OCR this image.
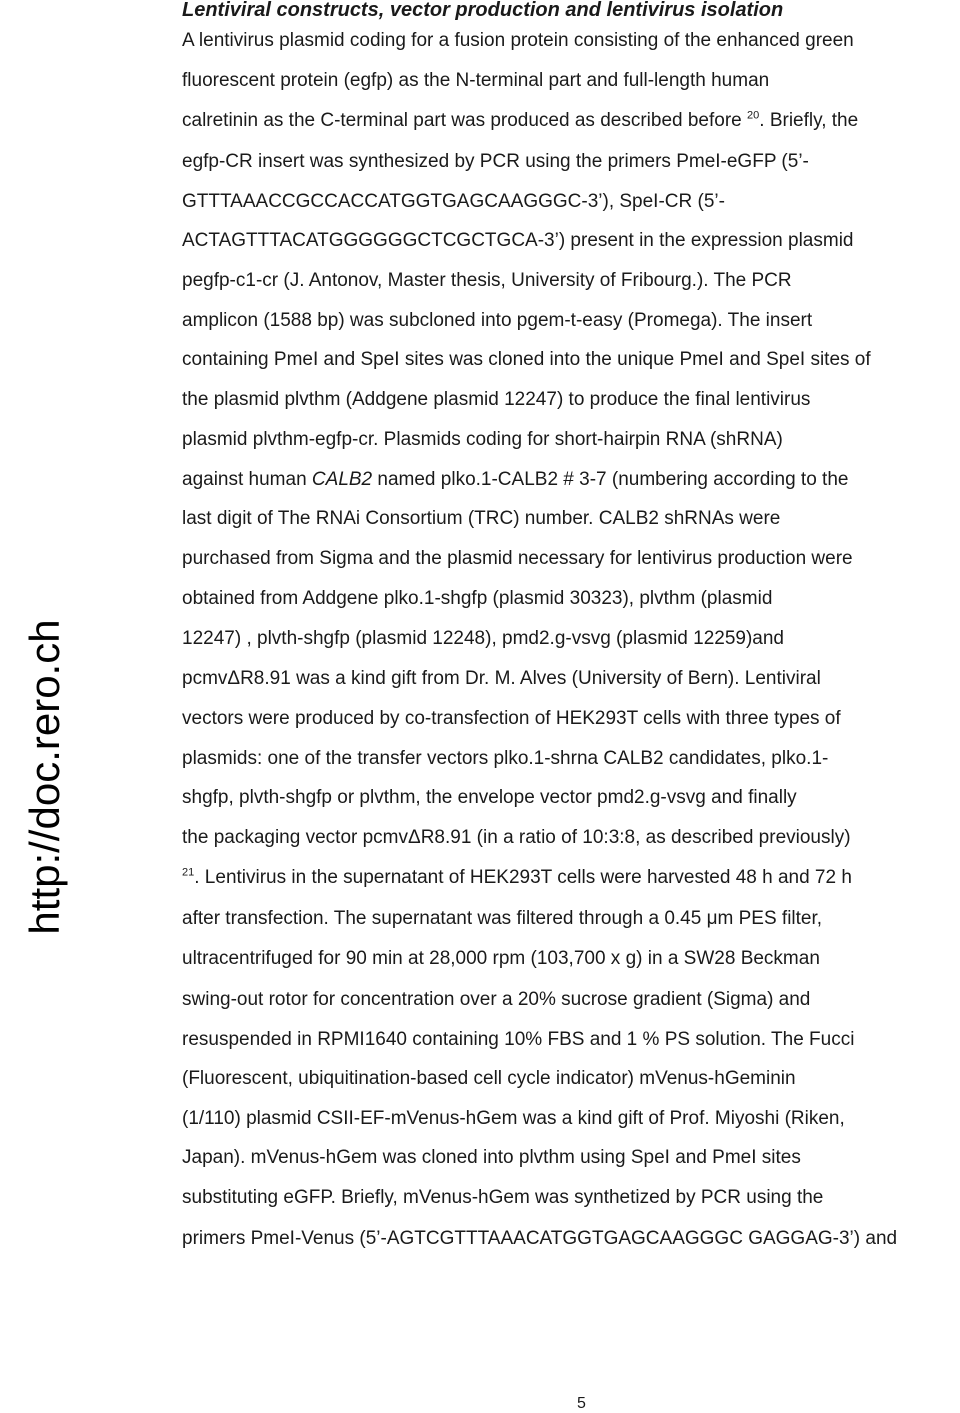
http://doc.rero.ch
Lentiviral constructs, vector production and lentivirus isolation
A lentivirus plasmid coding for a fusion protein consisting of the enhanced green
fluorescent protein (egfp) as the N-terminal part and full-length human
calretinin as the C-terminal part was produced as described before $^{20}$. Briefly, the
egfp-CR insert was synthesized by PCR using the primers PmeI-eGFP (5’-
GTTTAAACCGCCACCATGGTGAGCAAGGGC-3’), SpeI-CR (5’-
ACTAGTTTACATGGGGGGCTCGCTGCA-3’) present in the expression plasmid
pegfp-c1-cr (J. Antonov, Master thesis, University of Fribourg.). The PCR
amplicon (1588 bp) was subcloned into pgem-t-easy (Promega). The insert
containing PmeI and SpeI sites was cloned into the unique PmeI and SpeI sites of
the plasmid plvthm (Addgene plasmid 12247) to produce the final lentivirus
plasmid plvthm-egfp-cr. Plasmids coding for short-hairpin RNA (shRNA)
against human CALB2 named plko.1-CALB2 # 3-7 (numbering according to the
last digit of The RNAi Consortium (TRC) number. CALB2 shRNAs were
purchased from Sigma and the plasmid necessary for lentivirus production were
obtained from Addgene plko.1-shgfp (plasmid 30323), plvthm (plasmid
12247) , plvth-shgfp (plasmid 12248), pmd2.g-vsvg (plasmid 12259)and
pcmvΔR8.91 was a kind gift from Dr. M. Alves (University of Bern). Lentiviral
vectors were produced by co-transfection of HEK293T cells with three types of
plasmids: one of the transfer vectors plko.1-shrna CALB2 candidates, plko.1-
shgfp, plvth-shgfp or plvthm, the envelope vector pmd2.g-vsvg and finally
the packaging vector pcmvΔR8.91 (in a ratio of 10:3:8, as described previously)
$^{21}$. Lentivirus in the supernatant of HEK293T cells were harvested 48 h and 72 h
after transfection. The supernatant was filtered through a 0.45 μm PES filter,
ultracentrifuged for 90 min at 28,000 rpm (103,700 x g) in a SW28 Beckman
swing-out rotor for concentration over a 20% sucrose gradient (Sigma) and
resuspended in RPMI1640 containing 10% FBS and 1 % PS solution. The Fucci
(Fluorescent, ubiquitination-based cell cycle indicator) mVenus-hGeminin
(1/110) plasmid CSII-EF-mVenus-hGem was a kind gift of Prof. Miyoshi (Riken,
Japan). mVenus-hGem was cloned into plvthm using SpeI and PmeI sites
substituting eGFP. Briefly, mVenus-hGem was synthetized by PCR using the
primers PmeI-Venus (5’-AGTCGTTTAAACATGGTGAGCAAGGGC GAGGAG-3’) and
5
